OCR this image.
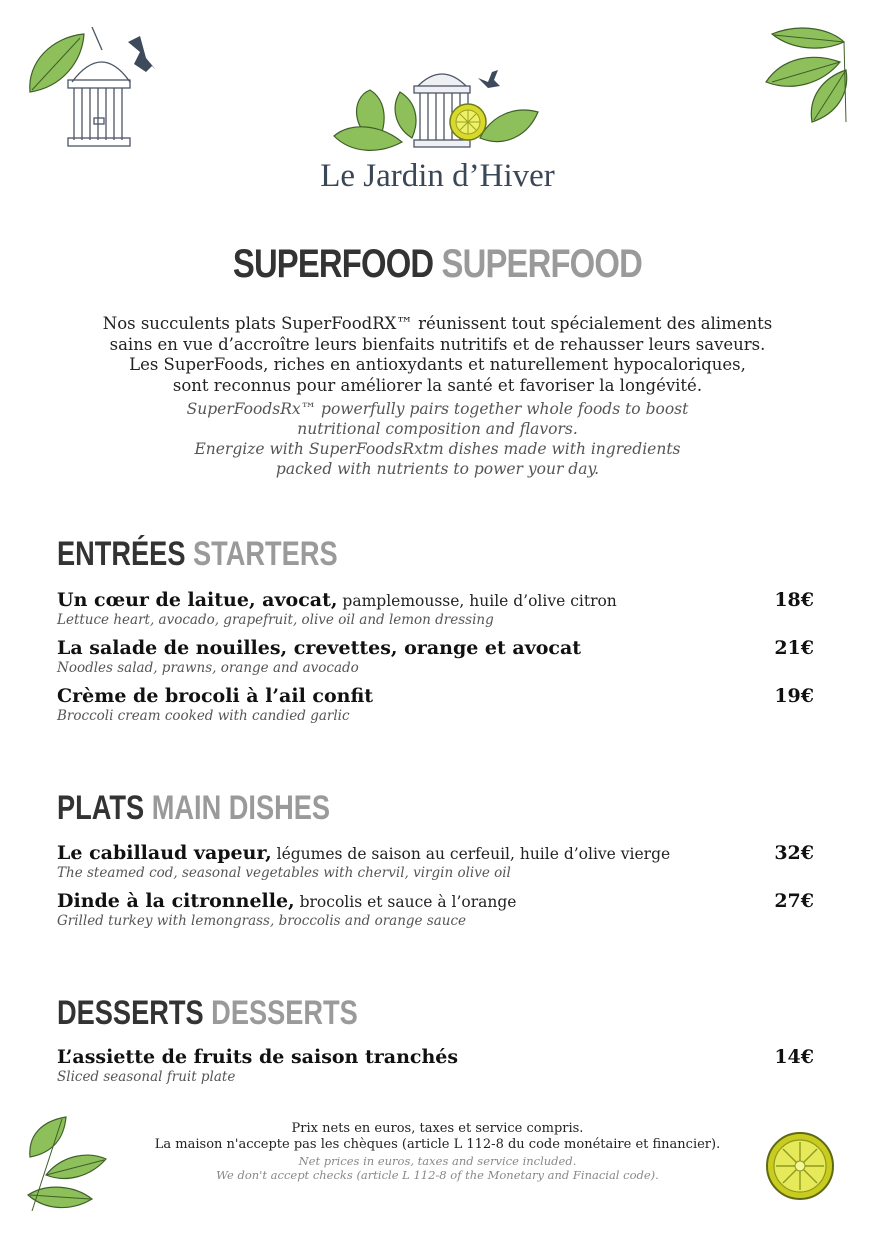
Le Jardin d’Hiver
SUPERFOOD SUPERFOOD
Nos succulents plats SuperFoodRX™ réunissent tout spécialement des aliments
sains en vue d’accroître leurs bienfaits nutritifs et de rehausser leurs saveurs.
Les SuperFoods, riches en antioxydants et naturellement hypocaloriques,
sont reconnus pour améliorer la santé et favoriser la longévité.
SuperFoodsRx™ powerfully pairs together whole foods to boost
nutritional composition and flavors.
Energize with SuperFoodsRxtm dishes made with ingredients
packed with nutrients to power your day.
ENTRÉES STARTERS
Un cœur de laitue, avocat, pamplemousse, huile d’olive citron
Lettuce heart, avocado, grapefruit, olive oil and lemon dressing
18€
La salade de nouilles, crevettes, orange et avocat
Noodles salad, prawns, orange and avocado
21€
Crème de brocoli à l’ail confit
Broccoli cream cooked with candied garlic
19€
PLATS MAIN DISHES
Le cabillaud vapeur, légumes de saison au cerfeuil, huile d’olive vierge
The steamed cod, seasonal vegetables with chervil, virgin olive oil
32€
Dinde à la citronnelle, brocolis et sauce à l’orange
Grilled turkey with lemongrass, broccolis and orange sauce
27€
DESSERTS DESSERTS
L’assiette de fruits de saison tranchés
Sliced seasonal fruit plate
14€
Prix nets en euros, taxes et service compris.
La maison n'accepte pas les chèques (article L 112-8 du code monétaire et financier).
Net prices in euros, taxes and service included.
We don't accept checks (article L 112-8 of the Monetary and Finacial code).
